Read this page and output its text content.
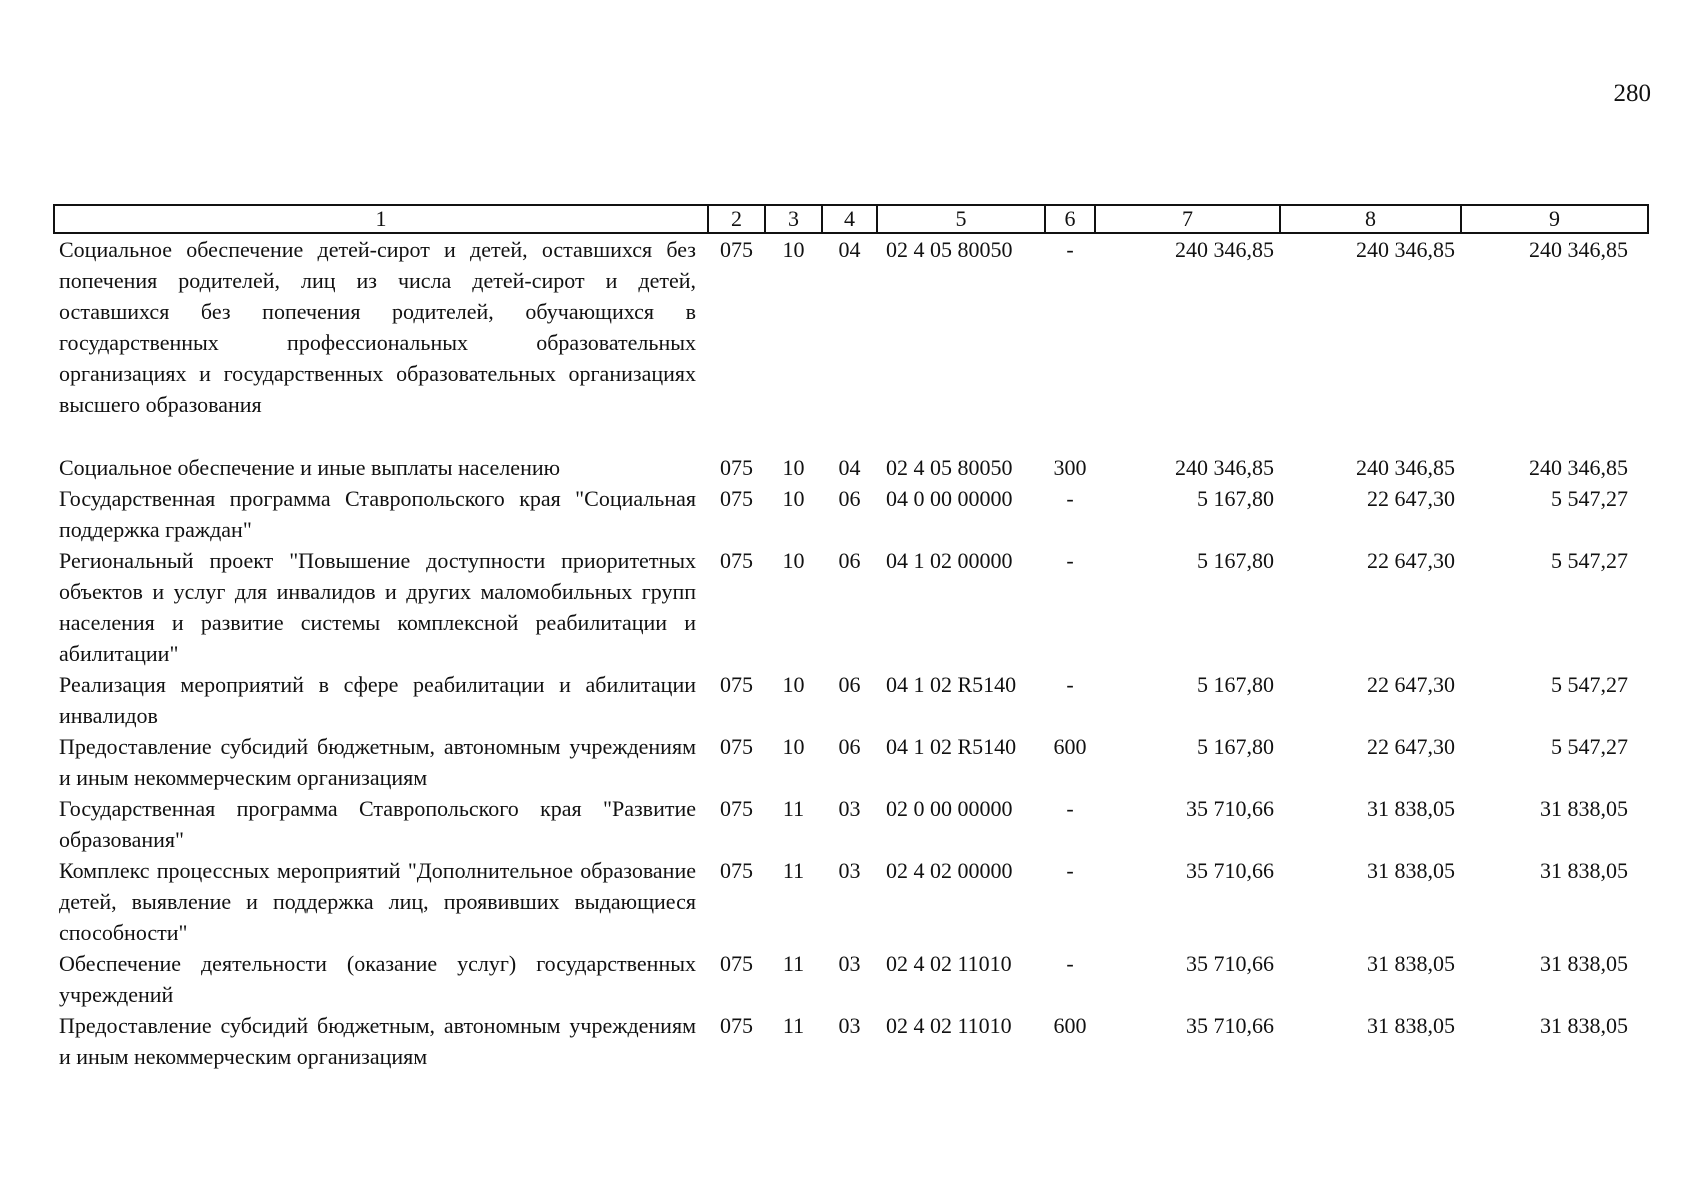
280
1	2	3	4	5	6	7	8	9
Социальное обеспечение детей-сирот и детей, оставшихся без попечения родителей, лиц из числа детей-сирот и детей, оставшихся без попечения родителей, обучающихся в государственных профессиональных образовательных организациях и государственных образовательных организациях высшего образования	075	10	04	02 4 05 80050	-	240 346,85	240 346,85	240 346,85
Социальное обеспечение и иные выплаты населению	075	10	04	02 4 05 80050	300	240 346,85	240 346,85	240 346,85
Государственная программа Ставропольского края "Социальная поддержка граждан"	075	10	06	04 0 00 00000	-	5 167,80	22 647,30	5 547,27
Региональный проект "Повышение доступности приоритетных объектов и услуг для инвалидов и других маломобильных групп населения и развитие системы комплексной реабилитации и абилитации"	075	10	06	04 1 02 00000	-	5 167,80	22 647,30	5 547,27
Реализация мероприятий в сфере реабилитации и абилитации инвалидов	075	10	06	04 1 02 R5140	-	5 167,80	22 647,30	5 547,27
Предоставление субсидий бюджетным, автономным учреждениям и иным некоммерческим организациям	075	10	06	04 1 02 R5140	600	5 167,80	22 647,30	5 547,27
Государственная программа Ставропольского края "Развитие образования"	075	11	03	02 0 00 00000	-	35 710,66	31 838,05	31 838,05
Комплекс процессных мероприятий "Дополнительное образование детей, выявление и поддержка лиц, проявивших выдающиеся способности"	075	11	03	02 4 02 00000	-	35 710,66	31 838,05	31 838,05
Обеспечение деятельности (оказание услуг) государственных учреждений	075	11	03	02 4 02 11010	-	35 710,66	31 838,05	31 838,05
Предоставление субсидий бюджетным, автономным учреждениям и иным некоммерческим организациям	075	11	03	02 4 02 11010	600	35 710,66	31 838,05	31 838,05
